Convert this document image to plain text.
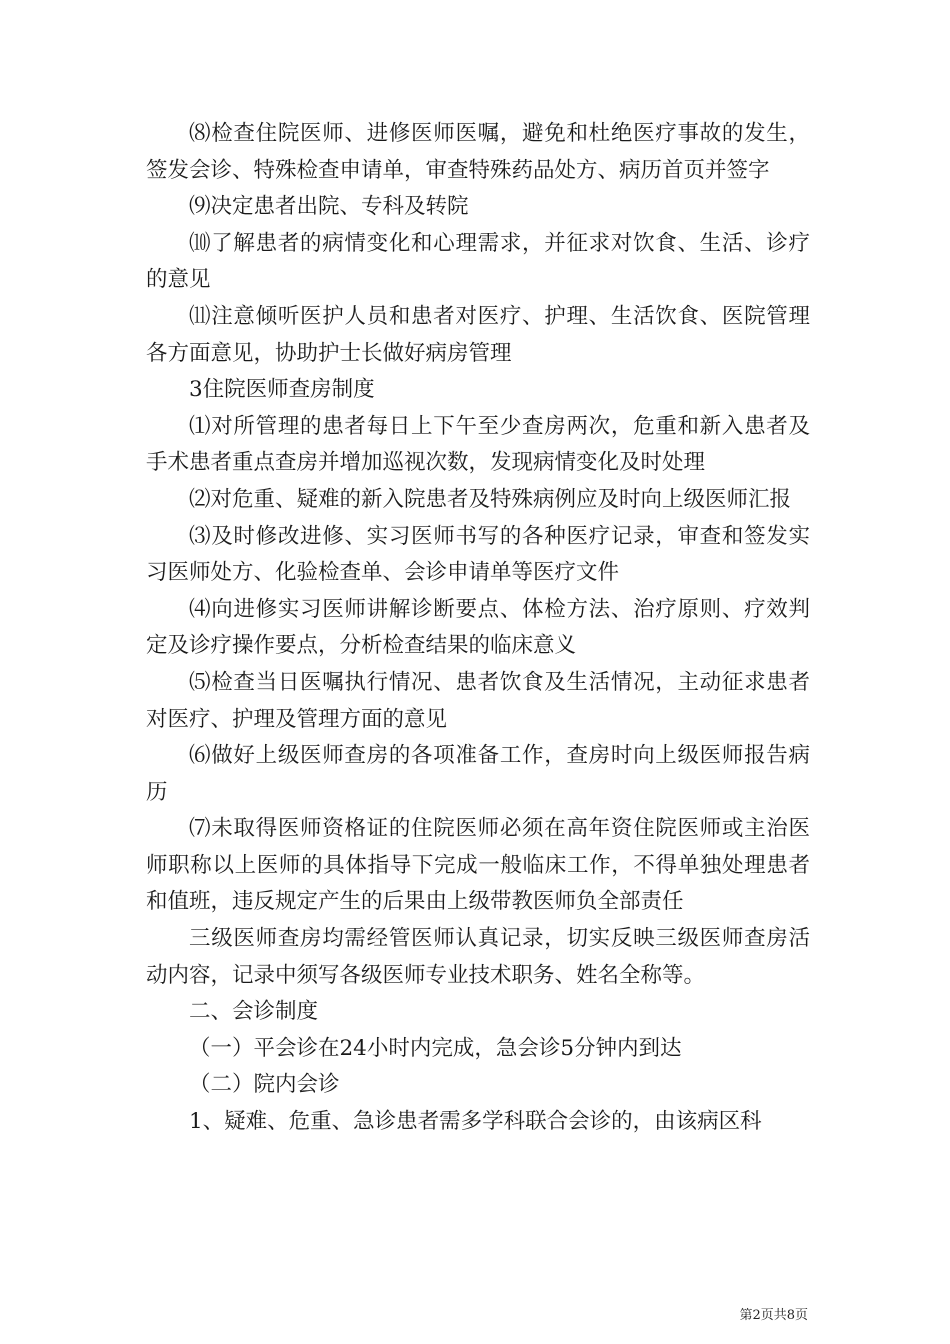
⑻检查住院医师、进修医师医嘱，避免和杜绝医疗事故的发生，签发会诊、特殊检查申请单，审查特殊药品处方、病历首页并签字

⑼决定患者出院、专科及转院

⑽了解患者的病情变化和心理需求，并征求对饮食、生活、诊疗的意见

⑾注意倾听医护人员和患者对医疗、护理、生活饮食、医院管理各方面意见，协助护士长做好病房管理

3住院医师查房制度

⑴对所管理的患者每日上下午至少查房两次，危重和新入患者及手术患者重点查房并增加巡视次数，发现病情变化及时处理

⑵对危重、疑难的新入院患者及特殊病例应及时向上级医师汇报

⑶及时修改进修、实习医师书写的各种医疗记录，审查和签发实习医师处方、化验检查单、会诊申请单等医疗文件

⑷向进修实习医师讲解诊断要点、体检方法、治疗原则、疗效判定及诊疗操作要点，分析检查结果的临床意义

⑸检查当日医嘱执行情况、患者饮食及生活情况，主动征求患者对医疗、护理及管理方面的意见

⑹做好上级医师查房的各项准备工作，查房时向上级医师报告病历

⑺未取得医师资格证的住院医师必须在高年资住院医师或主治医师职称以上医师的具体指导下完成一般临床工作，不得单独处理患者和值班，违反规定产生的后果由上级带教医师负全部责任

三级医师查房均需经管医师认真记录，切实反映三级医师查房活动内容，记录中须写各级医师专业技术职务、姓名全称等。

二、会诊制度

（一）平会诊在24小时内完成，急会诊5分钟内到达

（二）院内会诊

1、疑难、危重、急诊患者需多学科联合会诊的，由该病区科

第2页共8页
